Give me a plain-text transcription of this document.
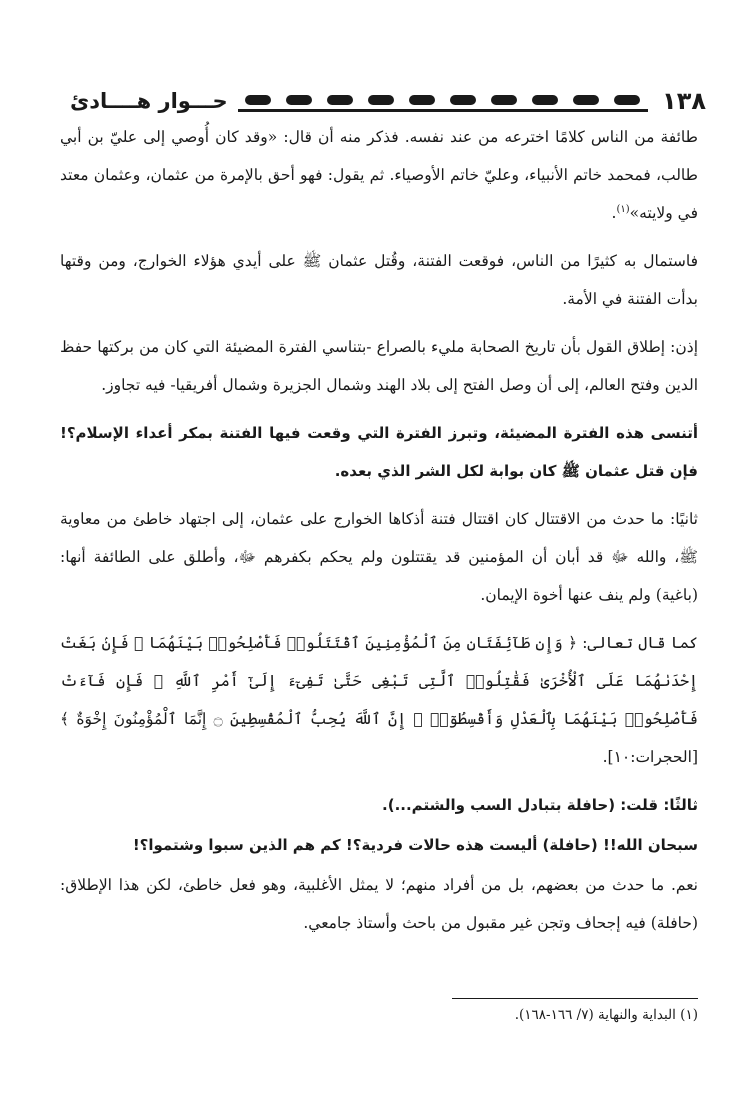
١٣٨
حـــوار هــــادئ

طائفة من الناس كلامًا اخترعه من عند نفسه. فذكر منه أن قال: «وقد كان أُوصي إلى عليّ بن أبي طالب، فمحمد خاتم الأنبياء، وعليّ خاتم الأوصياء. ثم يقول: فهو أحق بالإمرة من عثمان، وعثمان معتد في ولايته»$^{(١)}$.

فاستمال به كثيرًا من الناس، فوقعت الفتنة، وقُتل عثمان ﷺ على أيدي هؤلاء الخوارج، ومن وقتها بدأت الفتنة في الأمة.

إذن: إطلاق القول بأن تاريخ الصحابة مليء بالصراع -بتناسي الفترة المضيئة التي كان من بركتها حفظ الدين وفتح العالم، إلى أن وصل الفتح إلى بلاد الهند وشمال الجزيرة وشمال أفريقيا- فيه تجاوز.

أتنسى هذه الفترة المضيئة، وتبرز الفترة التي وقعت فيها الفتنة بمكر أعداء الإسلام؟! فإن قتل عثمان ﷺ كان بوابة لكل الشر الذي بعده.

ثانيًا: ما حدث من الاقتتال كان اقتتال فتنة أذكاها الخوارج على عثمان، إلى اجتهاد خاطئ من معاوية ﷺ، والله ﷻ قد أبان أن المؤمنين قد يقتتلون ولم يحكم بكفرهم ﷻ، وأطلق على الطائفة أنها: (باغية) ولم ينف عنها أخوة الإيمان.

كما قال تعالى: ﴿ وَإِن طَآئِفَتَانِ مِنَ ٱلْمُؤْمِنِينَ ٱقْتَتَلُوا۟ فَأَصْلِحُوا۟ بَيْنَهُمَا ۖ فَإِنۢ بَغَتْ إِحْدَىٰهُمَا عَلَى ٱلْأُخْرَىٰ فَقَٰتِلُوا۟ ٱلَّتِى تَبْغِى حَتَّىٰ تَفِىٓءَ إِلَىٰٓ أَمْرِ ٱللَّهِ ۚ فَإِن فَآءَتْ فَأَصْلِحُوا۟ بَيْنَهُمَا بِٱلْعَدْلِ وَأَقْسِطُوٓا۟ ۖ إِنَّ ٱللَّهَ يُحِبُّ ٱلْمُقْسِطِينَ ۝ إِنَّمَا ٱلْمُؤْمِنُونَ إِخْوَةٌ ﴾ [الحجرات:١٠].

ثالثًا: قلت: (حافلة بتبادل السب والشتم...).

سبحان الله!! (حافلة) أليست هذه حالات فردية؟! كم هم الذين سبوا وشتموا؟!

نعم. ما حدث من بعضهم، بل من أفراد منهم؛ لا يمثل الأغلبية، وهو فعل خاطئ، لكن هذا الإطلاق: (حافلة) فيه إجحاف وتجن غير مقبول من باحث وأستاذ جامعي.

(١) البداية والنهاية (٧/ ١٦٦-١٦٨).
